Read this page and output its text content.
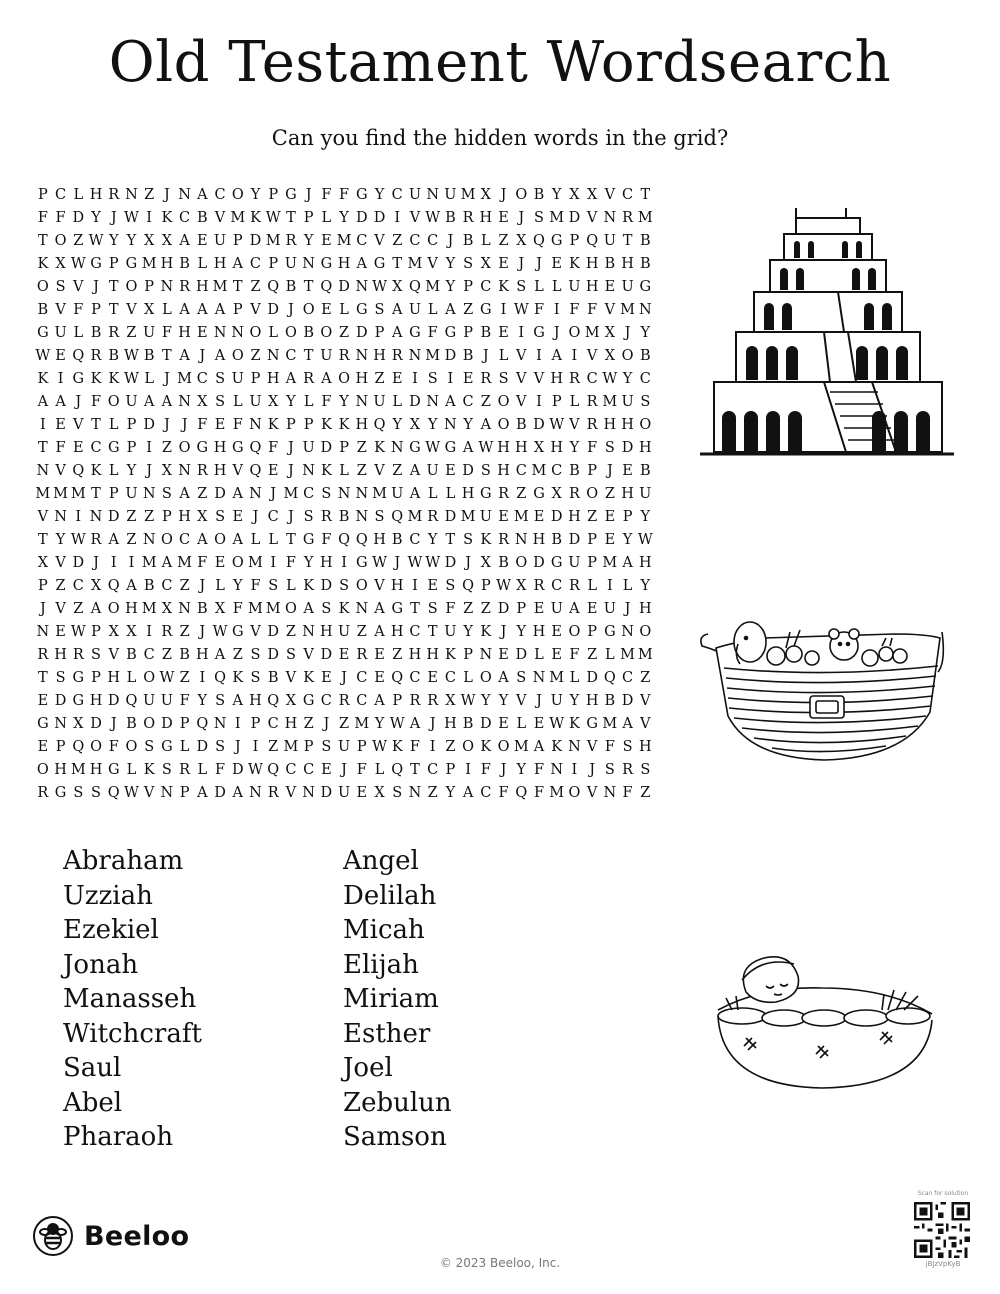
Old Testament Wordsearch
Can you find the hidden words in the grid?
P C L H R N Z J N A C O Y P G J F F G Y C U N U M X J O B Y X X V C T
F F D Y J W I K C B V M K W T P L Y D D I V W B R H E J S M D V N R M
T O Z W Y Y X X A E U P D M R Y E M C V Z C C J B L Z X Q G P Q U T B
K X W G P G M H B L H A C P U N G H A G T M V Y S X E J J E K H B H B
O S V J T O P N R H M T Z Q B T Q D N W X Q M Y P C K S L L U H E U G
B V F P T V X L A A A P V D J O E L G S A U L A Z G I W F I F F V M N
G U L B R Z U F H E N N O L O B O Z D P A G F G P B E I G J O M X J Y
W E Q R B W B T A J A O Z N C T U R N H R N M D B J L V I A I V X O B
K I G K K W L J M C S U P H A R A O H Z E I S I E R S V V H R C W Y C
A A J F O U A A N X S L U X Y L F Y N U L D N A C Z O V I P L R M U S
I E V T L P D J J F E F N K P P K K H Q Y X Y N Y A O B D W V R H H O
T F E C G P I Z O G H G Q F J U D P Z K N G W G A W H H X H Y F S D H
N V Q K L Y J X N R H V Q E J N K L Z V Z A U E D S H C M C B P J E B
M M M T P U N S A Z D A N J M C S N N M U A L L H G R Z G X R O Z H U
V N I N D Z Z P H X S E J C J S R B N S Q M R D M U E M E D H Z E P Y
T Y W R A Z N O C A O A L L T G F Q Q H B C Y T S K R N H B D P E Y W
X V D J I I M A M F E O M I F Y H I G W J W W D J X B O D G U P M A H
P Z C X Q A B C Z J L Y F S L K D S O V H I E S Q P W X R C R L I L Y
J V Z A O H M X N B X F M M O A S K N A G T S F Z Z D P E U A E U J H
N E W P X X I R Z J W G V D Z N H U Z A H C T U Y K J Y H E O P G N O
R H R S V B C Z B H A Z S D S V D E R E Z H H K P N E D L E F Z L M M
T S G P H L O W Z I Q K S B V K E J C E Q C E C L O A S N M L D Q C Z
E D G H D Q U U F Y S A H Q X G C R C A P R R X W Y Y V J U Y H B D V
G N X D J B O D P Q N I P C H Z J Z M Y W A J H B D E L E W K G M A V
E P Q O F O S G L D S J I Z M P S U P W K F I Z O K O M A K N V F S H
O H M H G L K S R L F D W Q C C E J F L Q T C P I F J Y F N I J S R S
R G S S Q W V N P A D A N R V N D U E X S N Z Y A C F Q F M O V N F Z
Abraham
Uzziah
Ezekiel
Jonah
Manasseh
Witchcraft
Saul
Abel
Pharaoh
Angel
Delilah
Micah
Elijah
Miriam
Esther
Joel
Zebulun
Samson
Beeloo
© 2023 Beeloo, Inc.
Scan for solution
jBJzVpKyB
